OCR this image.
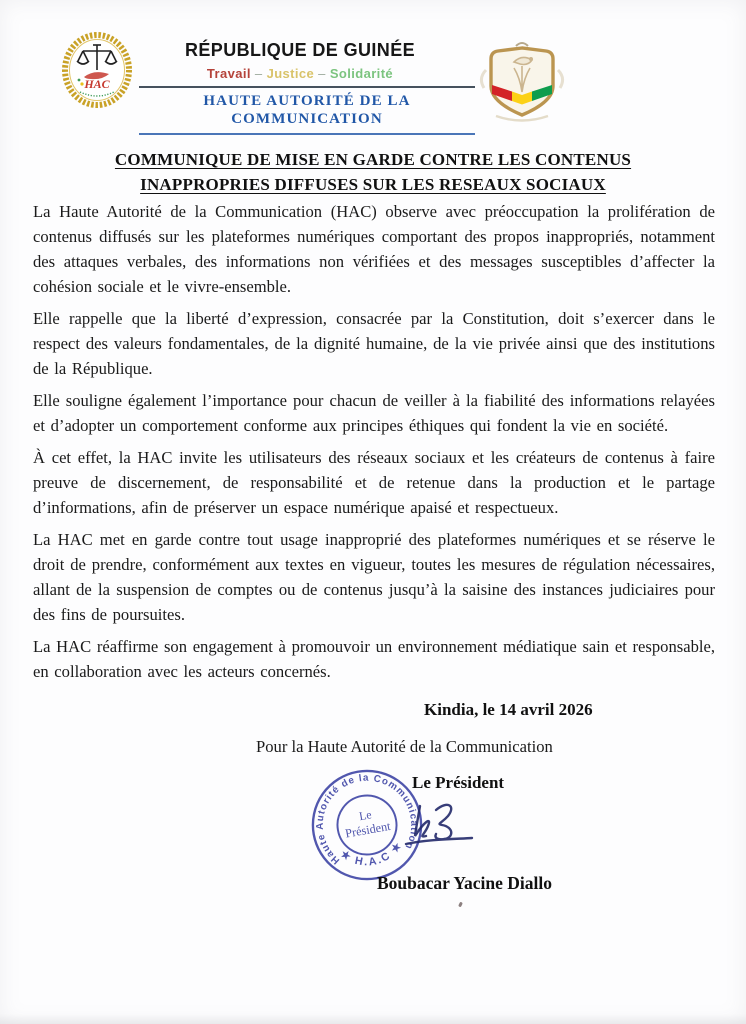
HAC
RÉPUBLIQUE DE GUINÉE
Travail – Justice – Solidarité
HAUTE AUTORITÉ DE LA COMMUNICATION
COMMUNIQUE DE MISE EN GARDE CONTRE LES CONTENUS
INAPPROPRIES DIFFUSES SUR LES RESEAUX SOCIAUX

La Haute Autorité de la Communication (HAC) observe avec préoccupation la prolifération de contenus diffusés sur les plateformes numériques comportant des propos inappropriés, notamment des attaques verbales, des informations non vérifiées et des messages susceptibles d’affecter la cohésion sociale et le vivre-ensemble.

Elle rappelle que la liberté d’expression, consacrée par la Constitution, doit s’exercer dans le respect des valeurs fondamentales, de la dignité humaine, de la vie privée ainsi que des institutions de la République.

Elle souligne également l’importance pour chacun de veiller à la fiabilité des informations relayées et d’adopter un comportement conforme aux principes éthiques qui fondent la vie en société.

À cet effet, la HAC invite les utilisateurs des réseaux sociaux et les créateurs de contenus à faire preuve de discernement, de responsabilité et de retenue dans la production et le partage d’informations, afin de préserver un espace numérique apaisé et respectueux.

La HAC met en garde contre tout usage inapproprié des plateformes numériques et se réserve le droit de prendre, conformément aux textes en vigueur, toutes les mesures de régulation nécessaires, allant de la suspension de comptes ou de contenus jusqu’à la saisine des instances judiciaires pour des fins de poursuites.

La HAC réaffirme son engagement à promouvoir un environnement médiatique sain et responsable, en collaboration avec les acteurs concernés.

Kindia, le 14 avril 2026
Pour la Haute Autorité de la Communication
Le Président
Haute Autorité de la Communication
★ H.A.C ★
Le
Président
Boubacar Yacine Diallo
